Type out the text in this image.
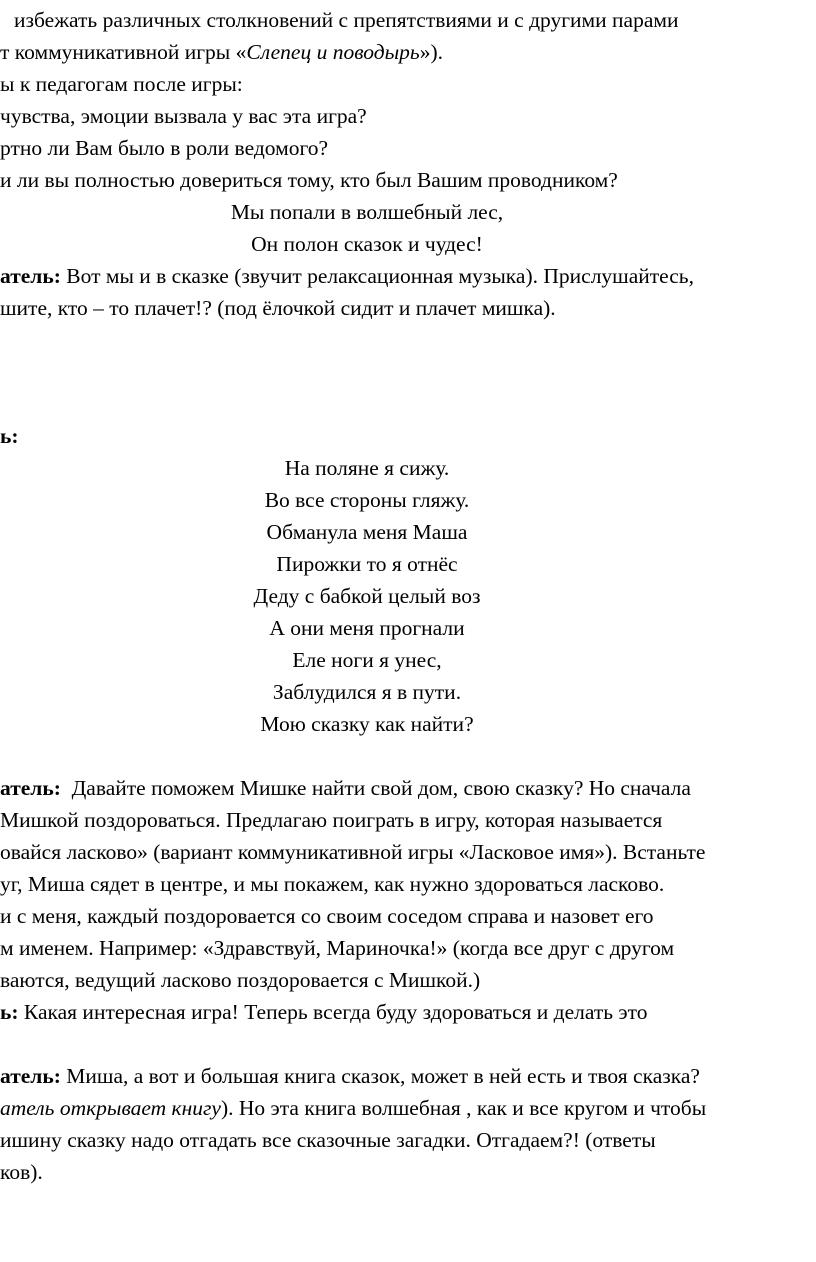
избежать различных столкновений с препятствиями и с другими парами
т коммуникативной игры «Слепец и поводырь»).
ы к педагогам после игры:
чувства, эмоции вызвала у вас эта игра?
ртно ли Вам было в роли ведомого?
и ли вы полностью довериться тому, кто был Вашим проводником?
Мы попали в волшебный лес,
Он полон сказок и чудес!
атель: Вот мы и в сказке (звучит релаксационная музыка). Прислушайтесь,
шите, кто – то плачет!? (под ёлочкой сидит и плачет мишка).
ь:
На поляне я сижу.
Во все стороны гляжу.
Обманула меня Маша
Пирожки то я отнёс
Деду с бабкой целый воз
А они меня прогнали
Еле ноги я унес,
Заблудился я в пути.
Мою сказку как найти?
атель:  Давайте поможем Мишке найти свой дом, свою сказку? Но сначала
Мишкой поздороваться. Предлагаю поиграть в игру, которая называется
овайся ласково» (вариант коммуникативной игры «Ласковое имя»). Встаньте
уг, Миша сядет в центре, и мы покажем, как нужно здороваться ласково.
и с меня, каждый поздоровается со своим соседом справа и назовет его
м именем. Например: «Здравствуй, Мариночка!» (когда все друг с другом
ваются, ведущий ласково поздоровается с Мишкой.)
ь: Какая интересная игра! Теперь всегда буду здороваться и делать это
атель: Миша, а вот и большая книга сказок, может в ней есть и твоя сказка?
атель открывает книгу). Но эта книга волшебная , как и все кругом и чтобы
ишину сказку надо отгадать все сказочные загадки. Отгадаем?! (ответы
ков).
